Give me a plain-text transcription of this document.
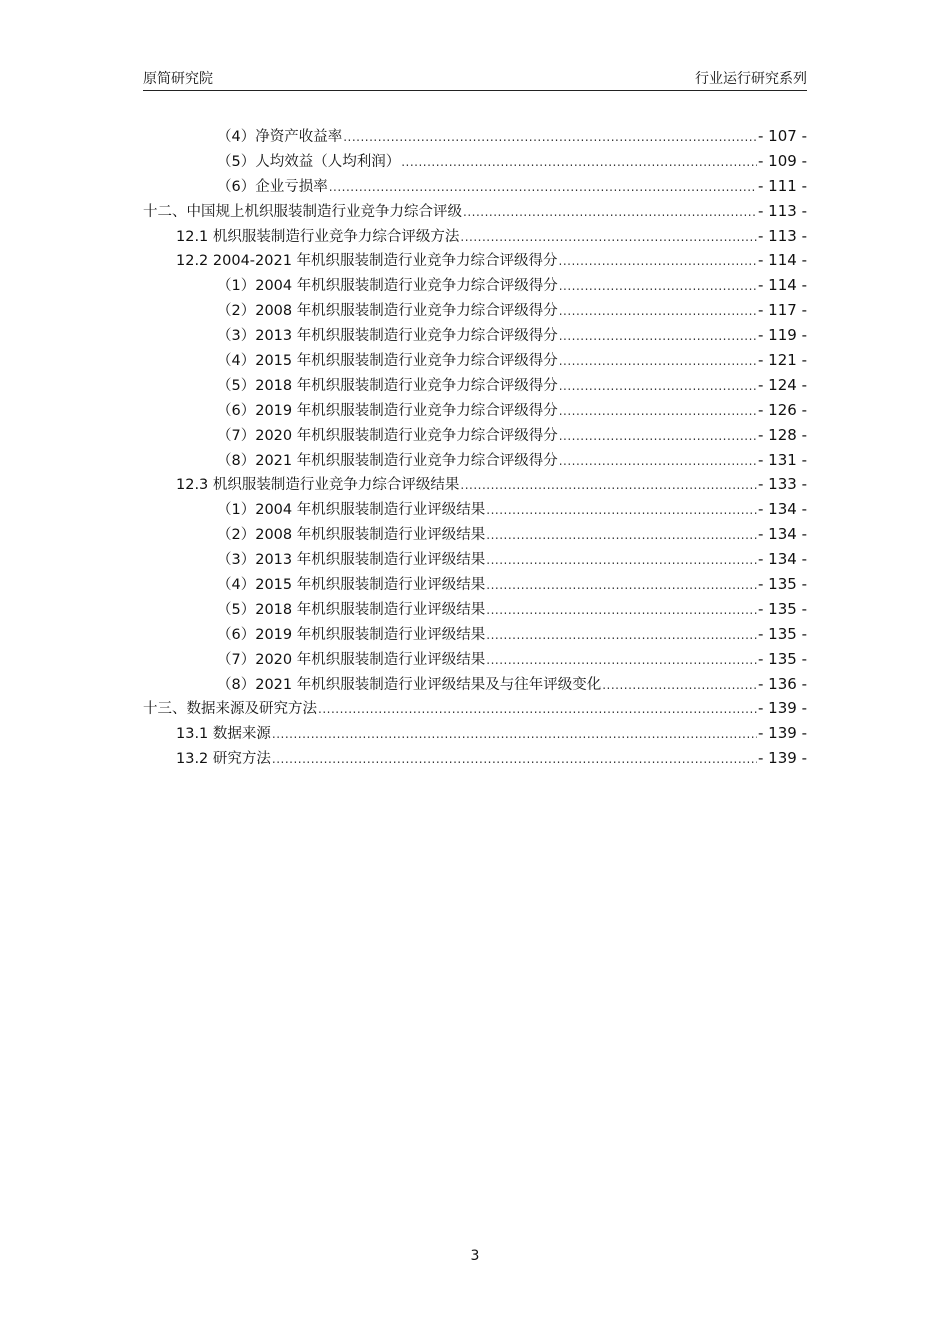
原简研究院	行业运行研究系列
（4）净资产收益率 .....	- 107 -
（5）人均效益（人均利润） .....	- 109 -
（6）企业亏损率 .....	- 111 -
十二、中国规上机织服装制造行业竞争力综合评级 .....	- 113 -
12.1 机织服装制造行业竞争力综合评级方法 .....	- 113 -
12.2 2004-2021 年机织服装制造行业竞争力综合评级得分 .....	- 114 -
（1）2004 年机织服装制造行业竞争力综合评级得分 .....	- 114 -
（2）2008 年机织服装制造行业竞争力综合评级得分 .....	- 117 -
（3）2013 年机织服装制造行业竞争力综合评级得分 .....	- 119 -
（4）2015 年机织服装制造行业竞争力综合评级得分 .....	- 121 -
（5）2018 年机织服装制造行业竞争力综合评级得分 .....	- 124 -
（6）2019 年机织服装制造行业竞争力综合评级得分 .....	- 126 -
（7）2020 年机织服装制造行业竞争力综合评级得分 .....	- 128 -
（8）2021 年机织服装制造行业竞争力综合评级得分 .....	- 131 -
12.3 机织服装制造行业竞争力综合评级结果 .....	- 133 -
（1）2004 年机织服装制造行业评级结果 .....	- 134 -
（2）2008 年机织服装制造行业评级结果 .....	- 134 -
（3）2013 年机织服装制造行业评级结果 .....	- 134 -
（4）2015 年机织服装制造行业评级结果 .....	- 135 -
（5）2018 年机织服装制造行业评级结果 .....	- 135 -
（6）2019 年机织服装制造行业评级结果 .....	- 135 -
（7）2020 年机织服装制造行业评级结果 .....	- 135 -
（8）2021 年机织服装制造行业评级结果及与往年评级变化 .....	- 136 -
十三、数据来源及研究方法 .....	- 139 -
13.1 数据来源 .....	- 139 -
13.2 研究方法 .....	- 139 -
3
